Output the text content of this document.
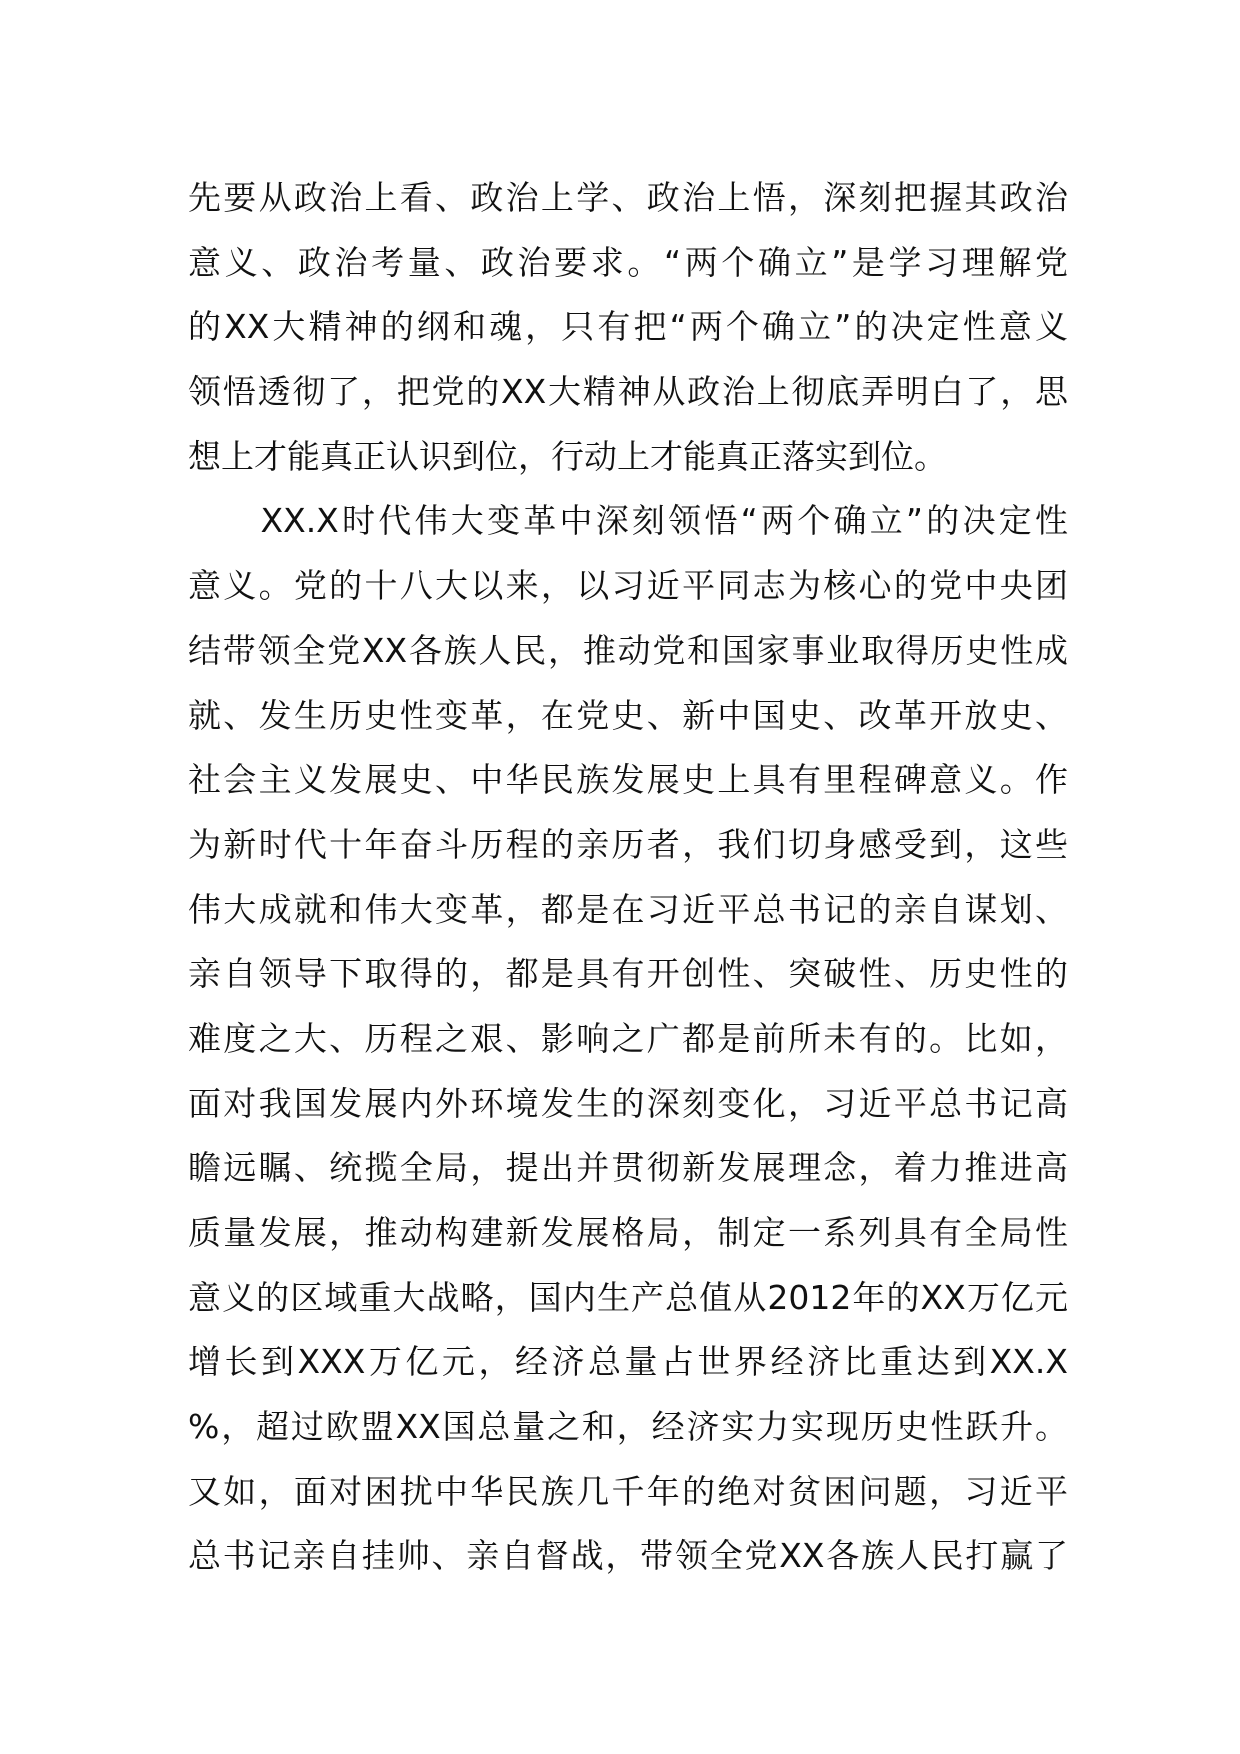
先要从政治上看、政治上学、政治上悟，深刻把握其政治
意义、政治考量、政治要求。“两个确立”是学习理解党
的XX大精神的纲和魂，只有把“两个确立”的决定性意义
领悟透彻了，把党的XX大精神从政治上彻底弄明白了，思
想上才能真正认识到位，行动上才能真正落实到位。
　　XX.X时代伟大变革中深刻领悟“两个确立”的决定性
意义。党的十八大以来，以习近平同志为核心的党中央团
结带领全党XX各族人民，推动党和国家事业取得历史性成
就、发生历史性变革，在党史、新中国史、改革开放史、
社会主义发展史、中华民族发展史上具有里程碑意义。作
为新时代十年奋斗历程的亲历者，我们切身感受到，这些
伟大成就和伟大变革，都是在习近平总书记的亲自谋划、
亲自领导下取得的，都是具有开创性、突破性、历史性的
难度之大、历程之艰、影响之广都是前所未有的。比如，
面对我国发展内外环境发生的深刻变化，习近平总书记高
瞻远瞩、统揽全局，提出并贯彻新发展理念，着力推进高
质量发展，推动构建新发展格局，制定一系列具有全局性
意义的区域重大战略，国内生产总值从2012年的XX万亿元
增长到XXX万亿元，经济总量占世界经济比重达到XX.X
%，超过欧盟XX国总量之和，经济实力实现历史性跃升。
又如，面对困扰中华民族几千年的绝对贫困问题，习近平
总书记亲自挂帅、亲自督战，带领全党XX各族人民打赢了
